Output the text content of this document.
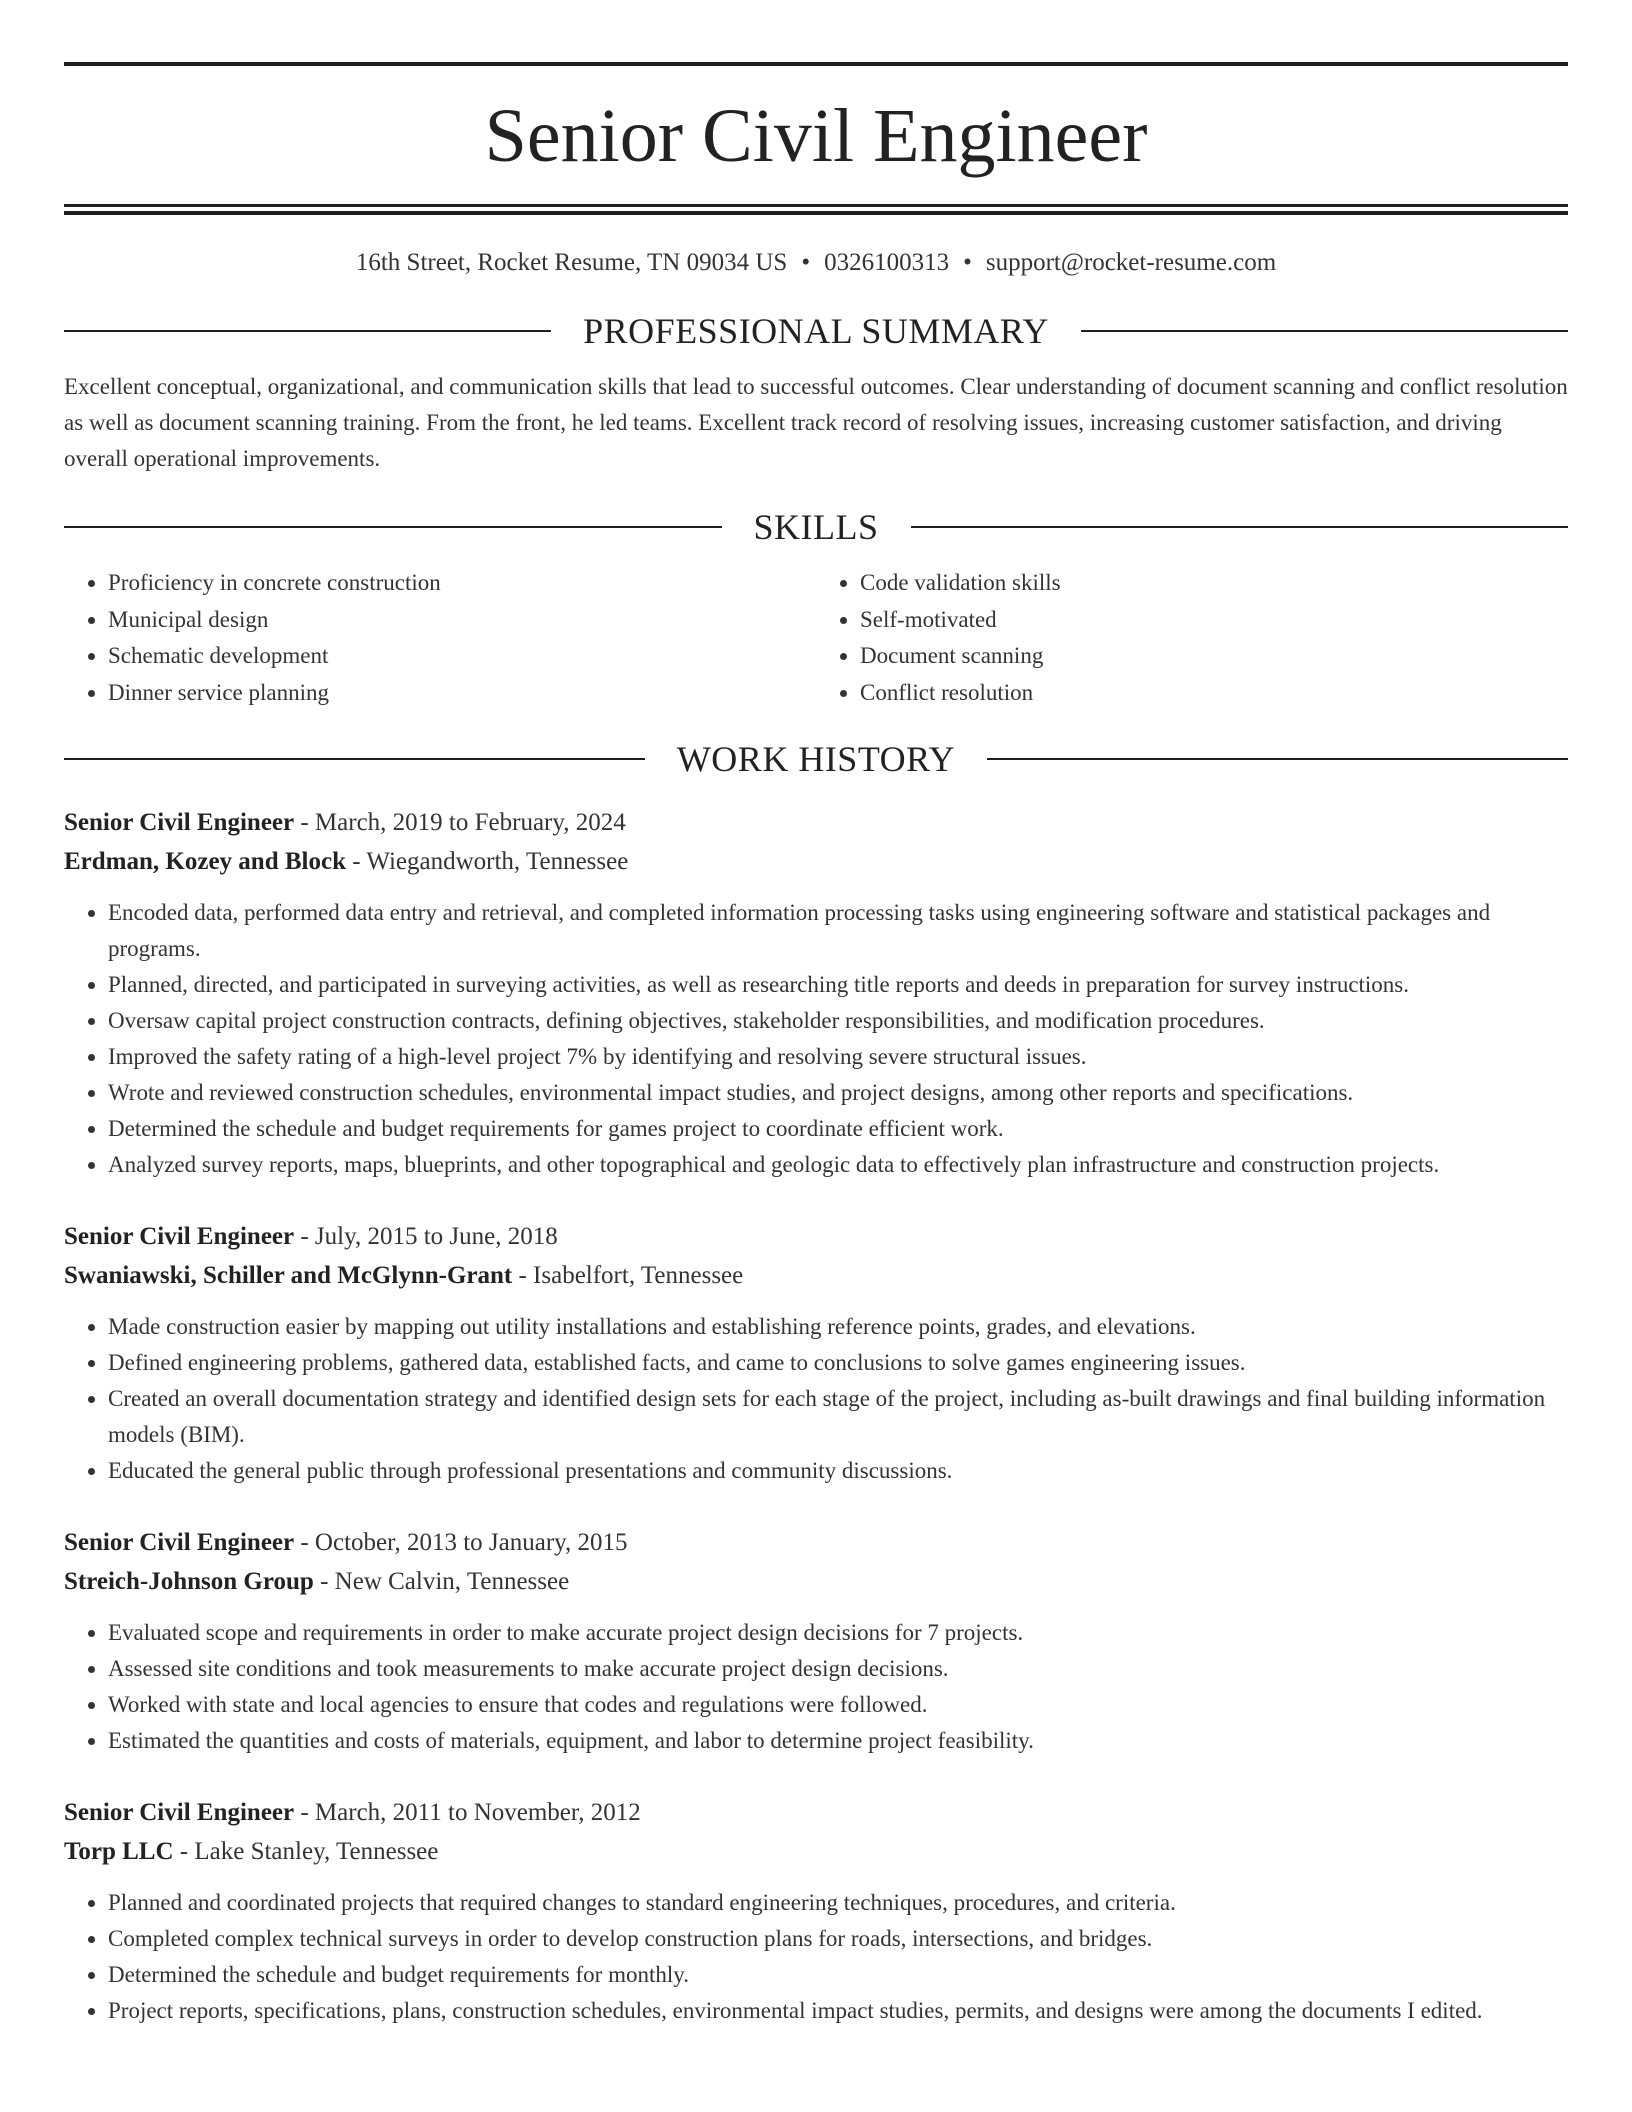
Senior Civil Engineer
16th Street, Rocket Resume, TN 09034 US • 0326100313 • support@rocket-resume.com
PROFESSIONAL SUMMARY

Excellent conceptual, organizational, and communication skills that lead to successful outcomes. Clear understanding of document scanning and conflict resolution as well as document scanning training. From the front, he led teams. Excellent track record of resolving issues, increasing customer satisfaction, and driving overall operational improvements.

SKILLS
• Proficiency in concrete construction
• Municipal design
• Schematic development
• Dinner service planning
• Code validation skills
• Self-motivated
• Document scanning
• Conflict resolution
WORK HISTORY
Senior Civil Engineer - March, 2019 to February, 2024
Erdman, Kozey and Block - Wiegandworth, Tennessee
• Encoded data, performed data entry and retrieval, and completed information processing tasks using engineering software and statistical packages and programs.
• Planned, directed, and participated in surveying activities, as well as researching title reports and deeds in preparation for survey instructions.
• Oversaw capital project construction contracts, defining objectives, stakeholder responsibilities, and modification procedures.
• Improved the safety rating of a high-level project 7% by identifying and resolving severe structural issues.
• Wrote and reviewed construction schedules, environmental impact studies, and project designs, among other reports and specifications.
• Determined the schedule and budget requirements for games project to coordinate efficient work.
• Analyzed survey reports, maps, blueprints, and other topographical and geologic data to effectively plan infrastructure and construction projects.
Senior Civil Engineer - July, 2015 to June, 2018
Swaniawski, Schiller and McGlynn-Grant - Isabelfort, Tennessee
• Made construction easier by mapping out utility installations and establishing reference points, grades, and elevations.
• Defined engineering problems, gathered data, established facts, and came to conclusions to solve games engineering issues.
• Created an overall documentation strategy and identified design sets for each stage of the project, including as-built drawings and final building information models (BIM).
• Educated the general public through professional presentations and community discussions.
Senior Civil Engineer - October, 2013 to January, 2015
Streich-Johnson Group - New Calvin, Tennessee
• Evaluated scope and requirements in order to make accurate project design decisions for 7 projects.
• Assessed site conditions and took measurements to make accurate project design decisions.
• Worked with state and local agencies to ensure that codes and regulations were followed.
• Estimated the quantities and costs of materials, equipment, and labor to determine project feasibility.
Senior Civil Engineer - March, 2011 to November, 2012
Torp LLC - Lake Stanley, Tennessee
• Planned and coordinated projects that required changes to standard engineering techniques, procedures, and criteria.
• Completed complex technical surveys in order to develop construction plans for roads, intersections, and bridges.
• Determined the schedule and budget requirements for monthly.
• Project reports, specifications, plans, construction schedules, environmental impact studies, permits, and designs were among the documents I edited.
